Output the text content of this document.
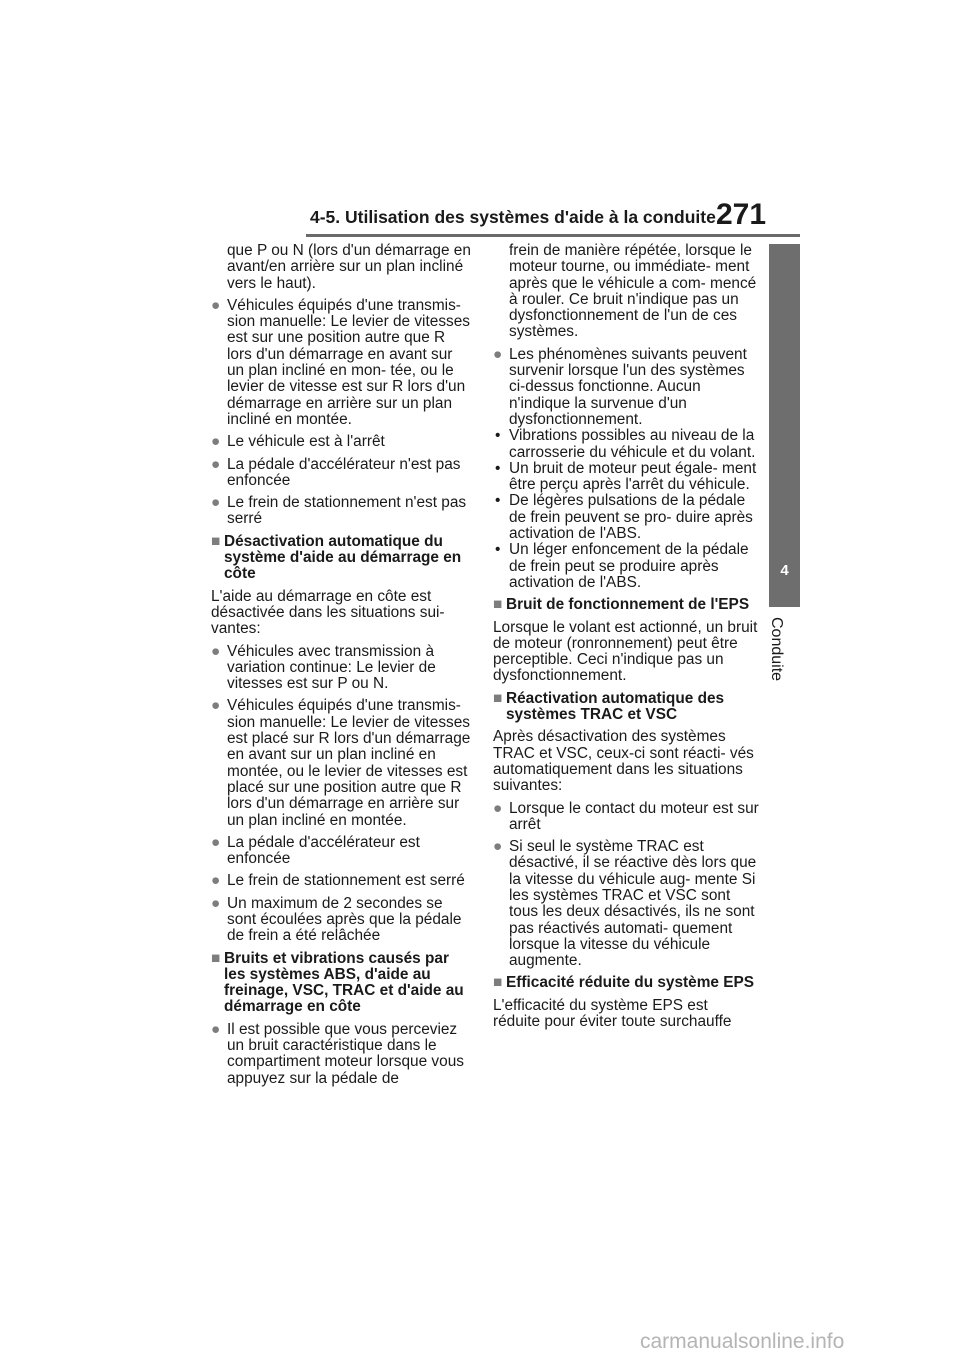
4-5. Utilisation des systèmes d'aide à la conduite 271
4
Conduite
que P ou N (lors d'un démarrage en avant/en arrière sur un plan incliné vers le haut).
● Véhicules équipés d'une transmis- sion manuelle: Le levier de vitesses est sur une position autre que R lors d'un démarrage en avant sur un plan incliné en mon- tée, ou le levier de vitesse est sur R lors d'un démarrage en arrière sur un plan incliné en montée.
● Le véhicule est à l'arrêt
● La pédale d'accélérateur n'est pas enfoncée
● Le frein de stationnement n'est pas serré
■ Désactivation automatique du système d'aide au démarrage en côte
L'aide au démarrage en côte est désactivée dans les situations sui- vantes:
● Véhicules avec transmission à variation continue: Le levier de vitesses est sur P ou N.
● Véhicules équipés d'une transmis- sion manuelle: Le levier de vitesses est placé sur R lors d'un démarrage en avant sur un plan incliné en montée, ou le levier de vitesses est placé sur une position autre que R lors d'un démarrage en arrière sur un plan incliné en montée.
● La pédale d'accélérateur est enfoncée
● Le frein de stationnement est serré
● Un maximum de 2 secondes se sont écoulées après que la pédale de frein a été relâchée
■ Bruits et vibrations causés par les systèmes ABS, d'aide au freinage, VSC, TRAC et d'aide au démarrage en côte
● Il est possible que vous perceviez un bruit caractéristique dans le compartiment moteur lorsque vous appuyez sur la pédale de
frein de manière répétée, lorsque le moteur tourne, ou immédiate- ment après que le véhicule a com- mencé à rouler. Ce bruit n'indique pas un dysfonctionnement de l'un de ces systèmes.
● Les phénomènes suivants peuvent survenir lorsque l'un des systèmes ci-dessus fonctionne. Aucun n'indique la survenue d'un dysfonctionnement.
• Vibrations possibles au niveau de la carrosserie du véhicule et du volant.
• Un bruit de moteur peut égale- ment être perçu après l'arrêt du véhicule.
• De légères pulsations de la pédale de frein peuvent se pro- duire après activation de l'ABS.
• Un léger enfoncement de la pédale de frein peut se produire après activation de l'ABS.
■ Bruit de fonctionnement de l'EPS
Lorsque le volant est actionné, un bruit de moteur (ronronnement) peut être perceptible. Ceci n'indique pas un dysfonctionnement.
■ Réactivation automatique des systèmes TRAC et VSC
Après désactivation des systèmes TRAC et VSC, ceux-ci sont réacti- vés automatiquement dans les situations suivantes:
● Lorsque le contact du moteur est sur arrêt
● Si seul le système TRAC est désactivé, il se réactive dès lors que la vitesse du véhicule aug- mente Si les systèmes TRAC et VSC sont tous les deux désactivés, ils ne sont pas réactivés automati- quement lorsque la vitesse du véhicule augmente.
■ Efficacité réduite du système EPS
L'efficacité du système EPS est réduite pour éviter toute surchauffe
carmanualsonline.info
